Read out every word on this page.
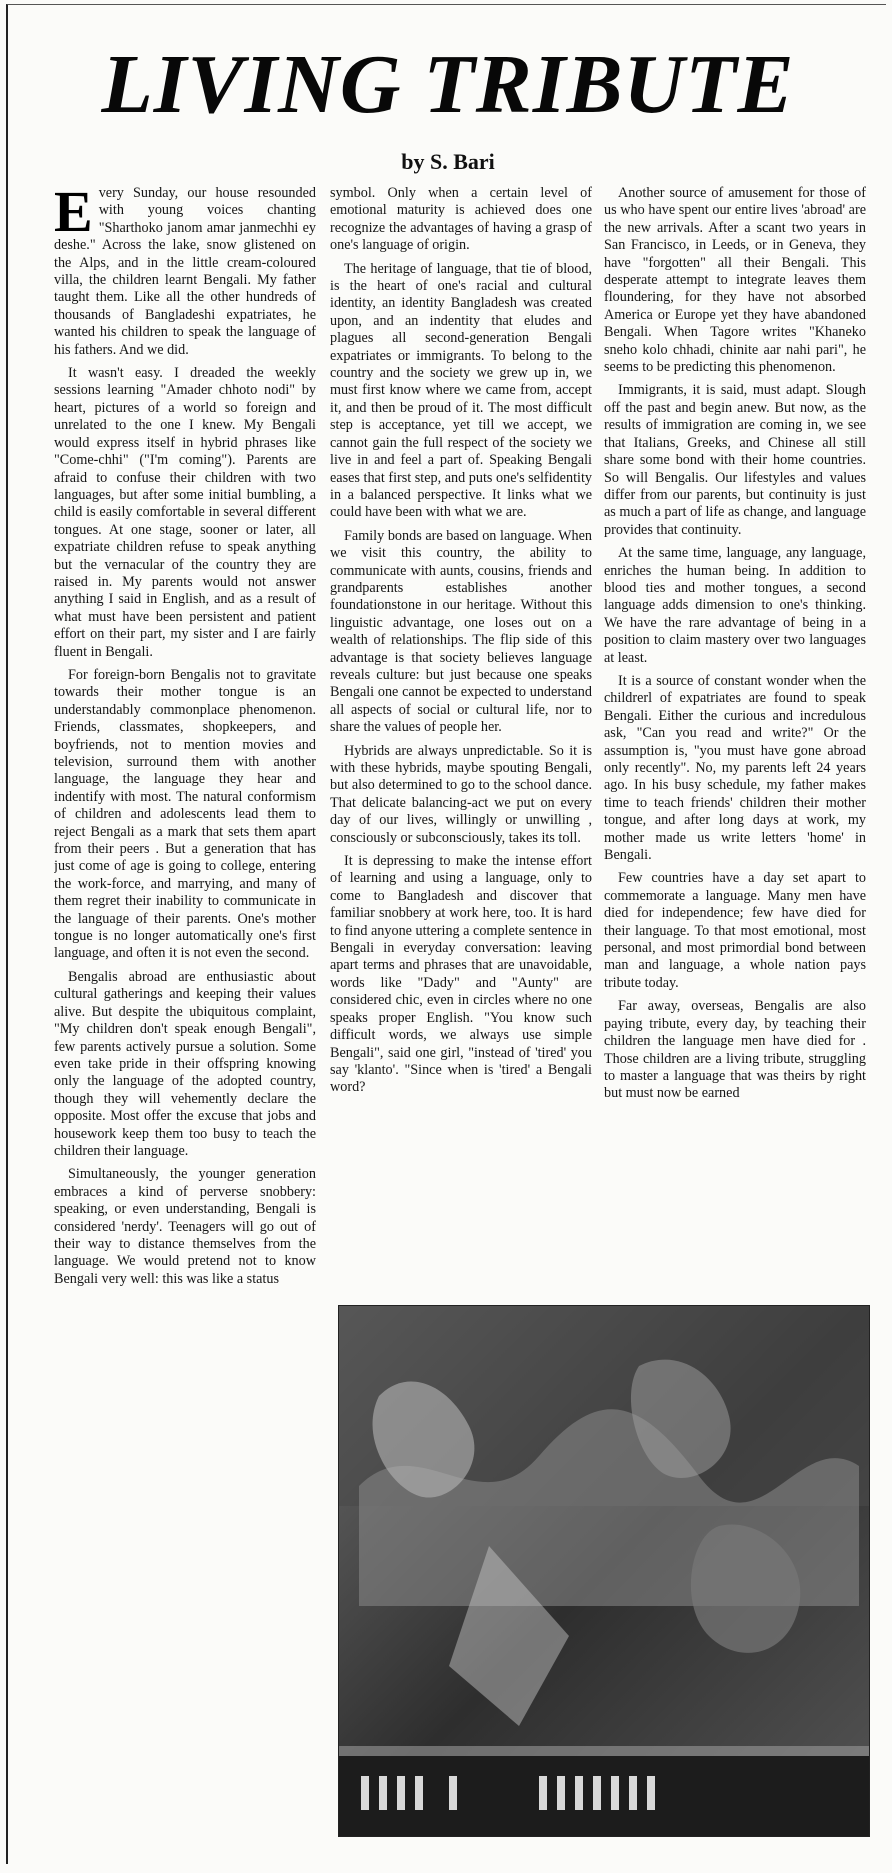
LIVING TRIBUTE
by S. Bari

Every Sunday, our house resounded with young voices chanting "Sharthoko janom amar janmechhi ey deshe." Across the lake, snow glistened on the Alps, and in the little cream-coloured villa, the children learnt Bengali. My father taught them. Like all the other hundreds of thousands of Bangladeshi expatriates, he wanted his children to speak the language of his fathers. And we did.

It wasn't easy. I dreaded the weekly sessions learning "Amader chhoto nodi" by heart, pictures of a world so foreign and unrelated to the one I knew. My Bengali would express itself in hybrid phrases like "Come-chhi" ("I'm coming"). Parents are afraid to confuse their children with two languages, but after some initial bumbling, a child is easily comfortable in several different tongues. At one stage, sooner or later, all expatriate children refuse to speak anything but the vernacular of the country they are raised in. My parents would not answer anything I said in English, and as a result of what must have been persistent and patient effort on their part, my sister and I are fairly fluent in Bengali.

For foreign-born Bengalis not to gravitate towards their mother tongue is an understandably commonplace phenomenon. Friends, classmates, shopkeepers, and boyfriends, not to mention movies and television, surround them with another language, the language they hear and indentify with most. The natural conformism of children and adolescents lead them to reject Bengali as a mark that sets them apart from their peers . But a generation that has just come of age is going to college, entering the work-force, and marrying, and many of them regret their inability to communicate in the language of their parents. One's mother tongue is no longer automatically one's first language, and often it is not even the second.

Bengalis abroad are enthusiastic about cultural gatherings and keeping their values alive. But despite the ubiquitous complaint, "My children don't speak enough Bengali", few parents actively pursue a solution. Some even take pride in their offspring knowing only the language of the adopted country, though they will vehemently declare the opposite. Most offer the excuse that jobs and housework keep them too busy to teach the children their language.

Simultaneously, the younger generation embraces a kind of perverse snobbery: speaking, or even understanding, Bengali is considered 'nerdy'. Teenagers will go out of their way to distance themselves from the language. We would pretend not to know Bengali very well: this was like a status

symbol. Only when a certain level of emotional maturity is achieved does one recognize the advantages of having a grasp of one's language of origin.

The heritage of language, that tie of blood, is the heart of one's racial and cultural identity, an identity Bangladesh was created upon, and an indentity that eludes and plagues all second-generation Bengali expatriates or immigrants. To belong to the country and the society we grew up in, we must first know where we came from, accept it, and then be proud of it. The most difficult step is acceptance, yet till we accept, we cannot gain the full respect of the society we live in and feel a part of. Speaking Bengali eases that first step, and puts one's selfidentity in a balanced perspective. It links what we could have been with what we are.

Family bonds are based on language. When we visit this country, the ability to communicate with aunts, cousins, friends and grandparents establishes another foundationstone in our heritage. Without this linguistic advantage, one loses out on a wealth of relationships. The flip side of this advantage is that society believes language reveals culture: but just because one speaks Bengali one cannot be expected to understand all aspects of social or cultural life, nor to share the values of people her.

Hybrids are always unpredictable. So it is with these hybrids, maybe spouting Bengali, but also determined to go to the school dance. That delicate balancing-act we put on every day of our lives, willingly or unwilling , consciously or subconsciously, takes its toll.

It is depressing to make the intense effort of learning and using a language, only to come to Bangladesh and discover that familiar snobbery at work here, too. It is hard to find anyone uttering a complete sentence in Bengali in everyday conversation: leaving apart terms and phrases that are unavoidable, words like "Dady" and "Aunty" are considered chic, even in circles where no one speaks proper English. "You know such difficult words, we always use simple Bengali", said one girl, "instead of 'tired' you say 'klanto'. "Since when is 'tired' a Bengali word?

Another source of amusement for those of us who have spent our entire lives 'abroad' are the new arrivals. After a scant two years in San Francisco, in Leeds, or in Geneva, they have "forgotten" all their Bengali. This desperate attempt to integrate leaves them floundering, for they have not absorbed America or Europe yet they have abandoned Bengali. When Tagore writes "Khaneko sneho kolo chhadi, chinite aar nahi pari", he seems to be predicting this phenomenon.

Immigrants, it is said, must adapt. Slough off the past and begin anew. But now, as the results of immigration are coming in, we see that Italians, Greeks, and Chinese all still share some bond with their home countries. So will Bengalis. Our lifestyles and values differ from our parents, but continuity is just as much a part of life as change, and language provides that continuity.

At the same time, language, any language, enriches the human being. In addition to blood ties and mother tongues, a second language adds dimension to one's thinking. We have the rare advantage of being in a position to claim mastery over two languages at least.

It is a source of constant wonder when the childrerl of expatriates are found to speak Bengali. Either the curious and incredulous ask, "Can you read and write?" Or the assumption is, "you must have gone abroad only recently". No, my parents left 24 years ago. In his busy schedule, my father makes time to teach friends' children their mother tongue, and after long days at work, my mother made us write letters 'home' in Bengali.

Few countries have a day set apart to commemorate a language. Many men have died for independence; few have died for their language. To that most emotional, most personal, and most primordial bond between man and language, a whole nation pays tribute today.

Far away, overseas, Bengalis are also paying tribute, every day, by teaching their children the language men have died for . Those children are a living tribute, struggling to master a language that was theirs by right but must now be earned
